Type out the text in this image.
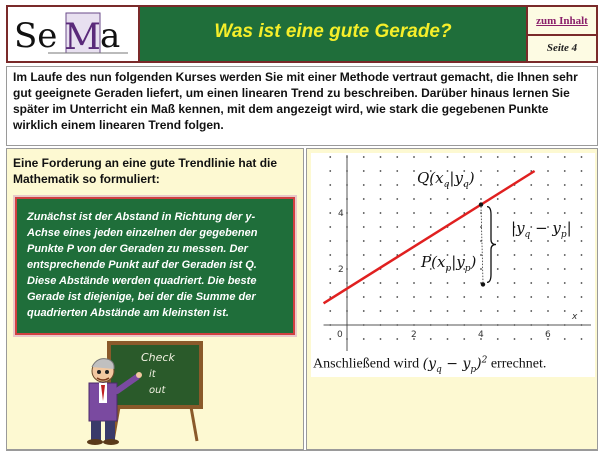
Se M a	Was ist eine gute Gerade?	zum Inhalt
Seite 4

Im Laufe des nun folgenden Kurses werden Sie mit einer Methode vertraut gemacht, die Ihnen sehr gut geeignete Geraden liefert, um einen linearen Trend zu beschreiben. Darüber hinaus lernen Sie später im Unterricht ein Maß kennen, mit dem angezeigt wird, wie stark die gegebenen Punkte wirklich einem linearen Trend folgen.

Eine Forderung an eine gute Trendlinie hat die Mathematik so formuliert:

Zunächst ist der Abstand in Richtung der y-Achse eines jeden einzelnen der gegebenen Punkte P von der Geraden zu messen. Der entsprechende Punkt auf der Geraden ist Q. Diese Abstände werden quadriert. Die beste Gerade ist diejenige, bei der die Summe der quadrierten Abstände am kleinsten ist.

Check
it
out
0	2	4	6
2
4
x
$Q(x_q|y_q)$
$P(x_p|y_p)$
$|y_q - y_p|$
Anschließend wird $(y_q - y_p)^2$ errechnet.
